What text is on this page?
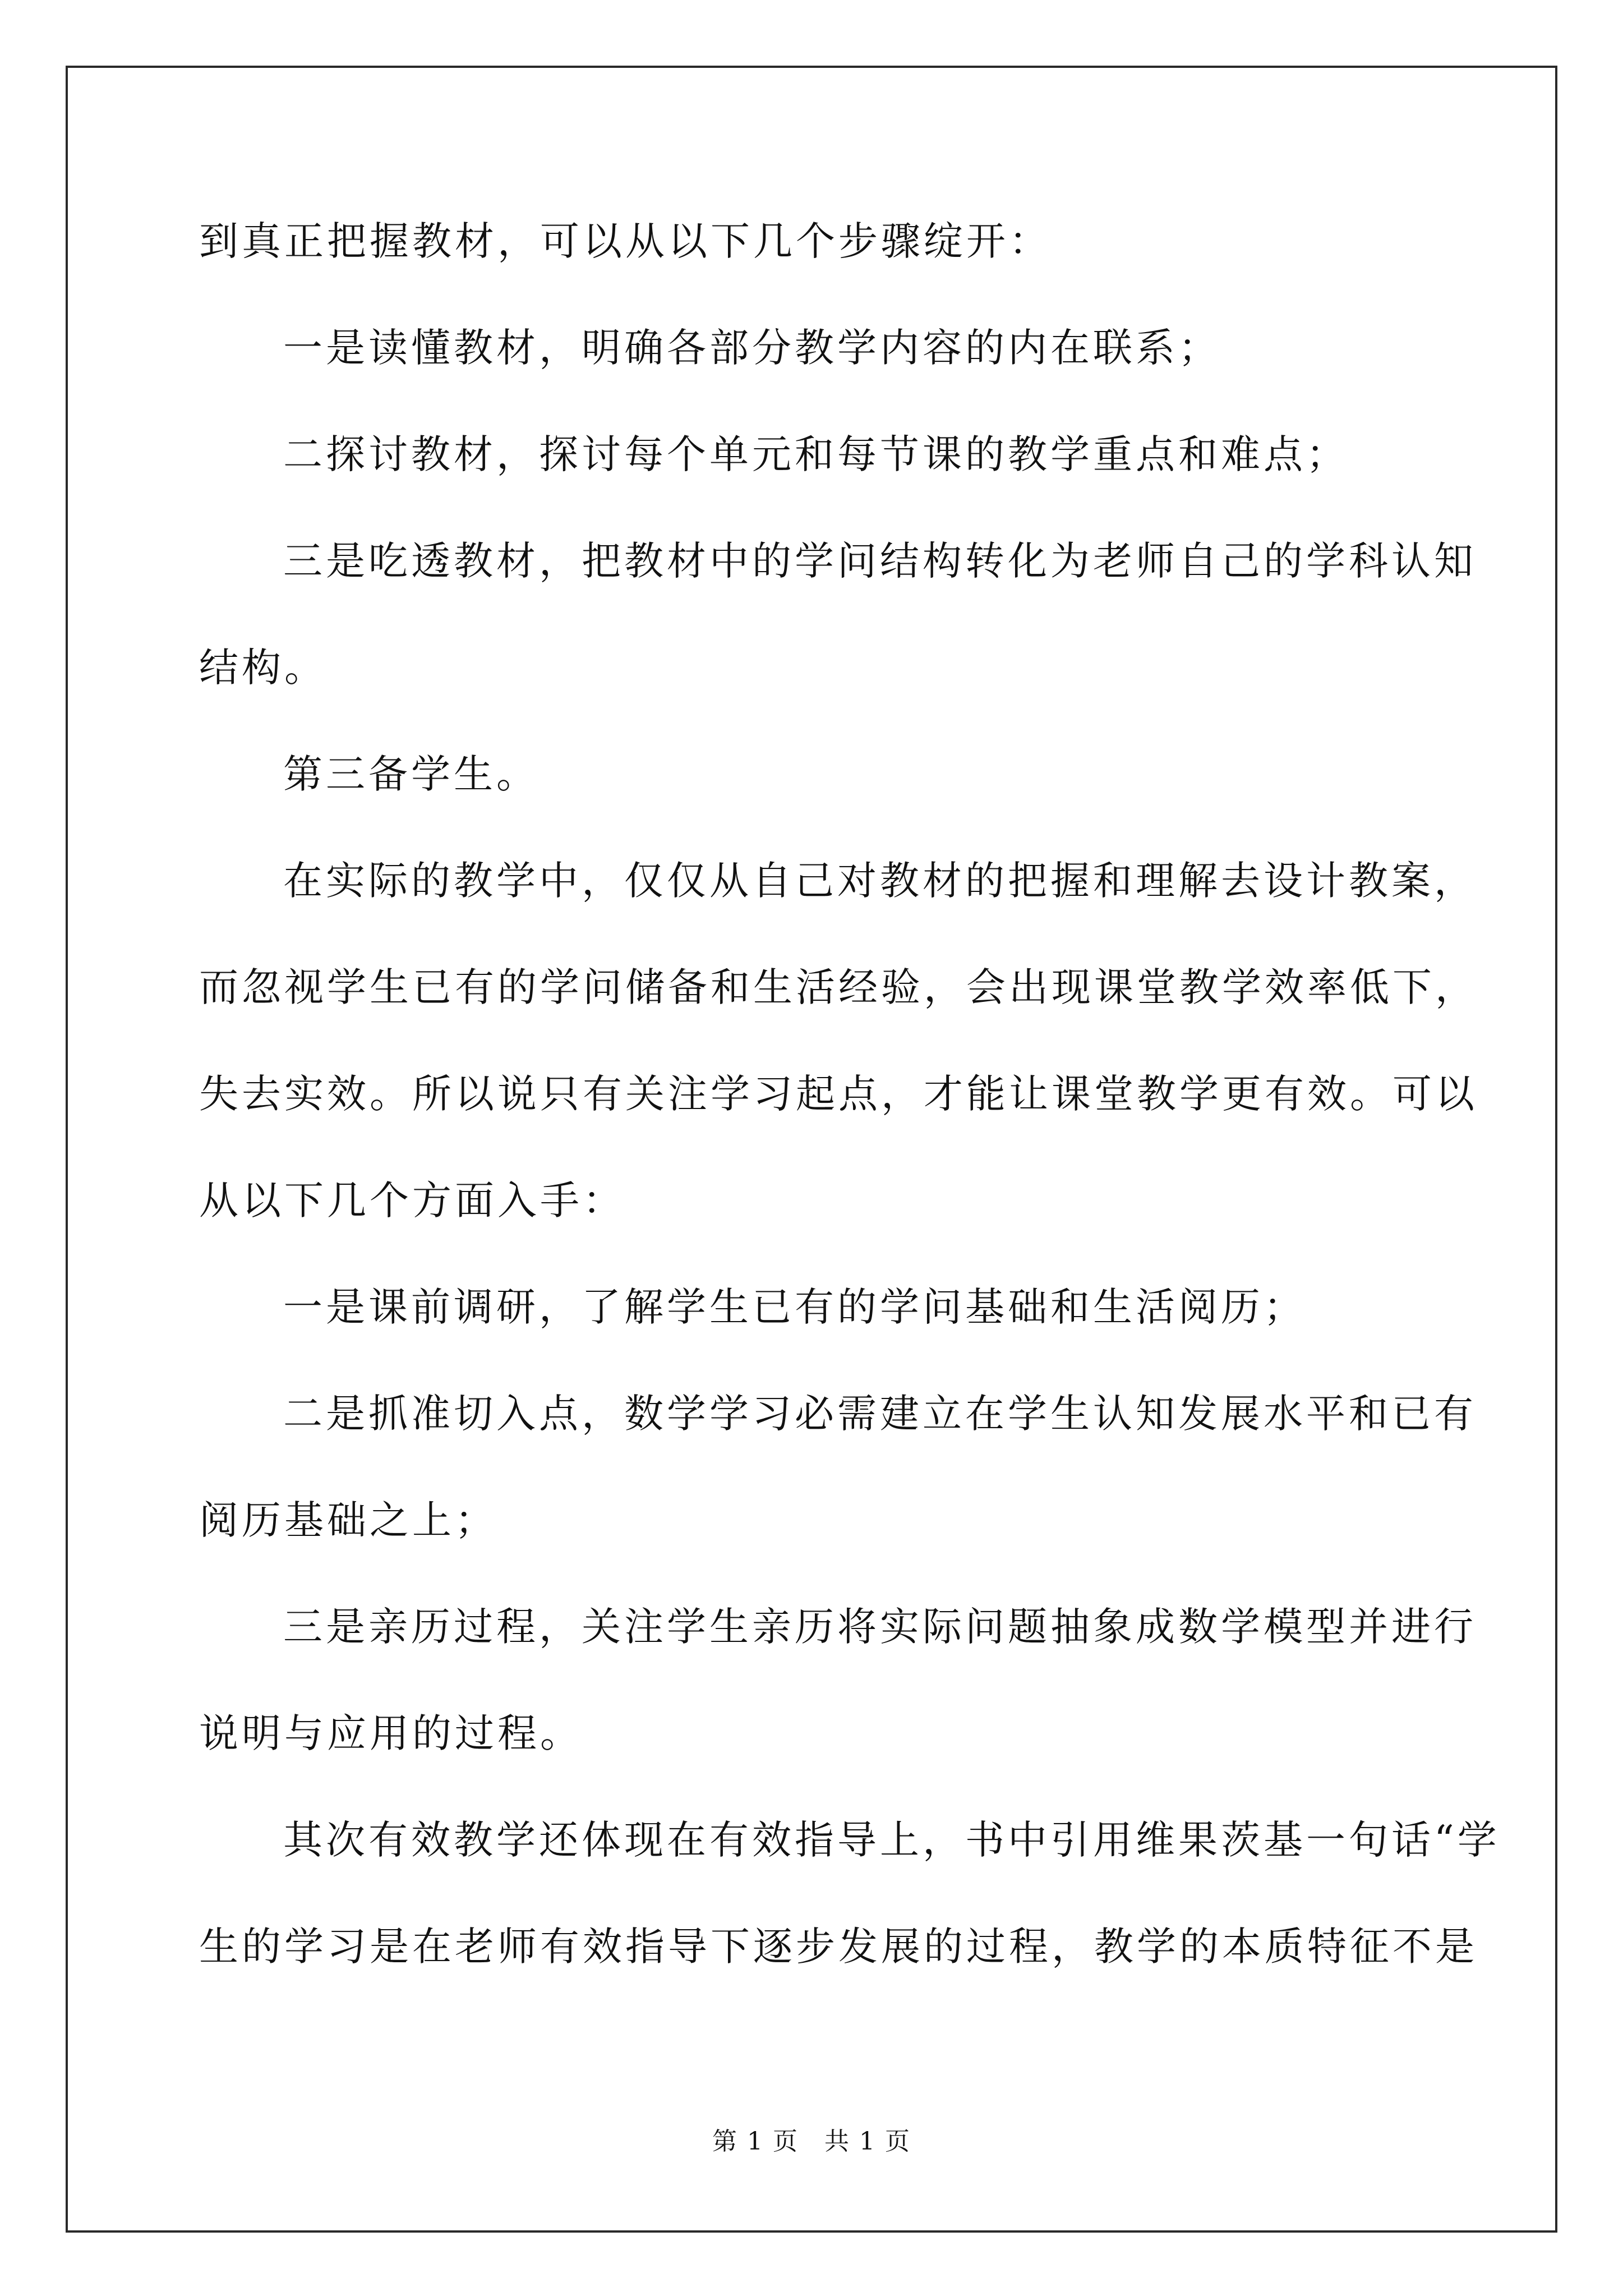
到真正把握教材，可以从以下几个步骤绽开：
一是读懂教材，明确各部分教学内容的内在联系；
二探讨教材，探讨每个单元和每节课的教学重点和难点；
三是吃透教材，把教材中的学问结构转化为老师自己的学科认知
结构。
第三备学生。
在实际的教学中，仅仅从自己对教材的把握和理解去设计教案，
而忽视学生已有的学问储备和生活经验，会出现课堂教学效率低下，
失去实效。所以说只有关注学习起点，才能让课堂教学更有效。可以
从以下几个方面入手：
一是课前调研，了解学生已有的学问基础和生活阅历；
二是抓准切入点，数学学习必需建立在学生认知发展水平和已有
阅历基础之上；
三是亲历过程，关注学生亲历将实际问题抽象成数学模型并进行
说明与应用的过程。
其次有效教学还体现在有效指导上，书中引用维果茨基一句话“学
生的学习是在老师有效指导下逐步发展的过程，教学的本质特征不是
第 1 页　共 1 页
